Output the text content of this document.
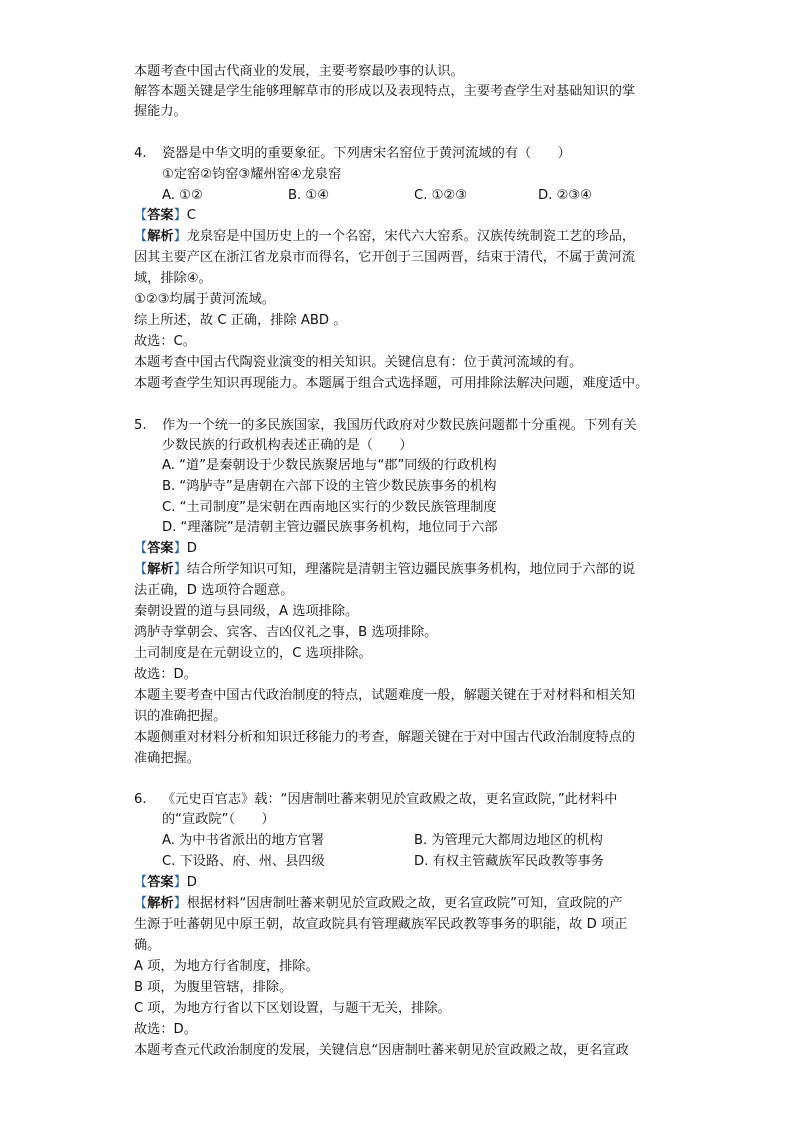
本题考查中国古代商业的发展，主要考察最吵事的认识。
解答本题关键是学生能够理解草市的形成以及表现特点，主要考查学生对基础知识的掌
握能力。
4. 瓷器是中华文明的重要象征。下列唐宋名窑位于黄河流域的有（　　）
①定窑②钧窑③耀州窑④龙泉窑
A. ①②	B. ①④	C. ①②③	D. ②③④
【答案】C
【解析】龙泉窑是中国历史上的一个名窑，宋代六大窑系。汉族传统制瓷工艺的珍品，
因其主要产区在浙江省龙泉市而得名，它开创于三国两晋，结束于清代，不属于黄河流
域，排除④。
①②③均属于黄河流域。
综上所述，故 C 正确，排除 ABD 。
故选：C。
本题考查中国古代陶瓷业演变的相关知识。关键信息有：位于黄河流域的有。
本题考查学生知识再现能力。本题属于组合式选择题，可用排除法解决问题，难度适中。
5. 作为一个统一的多民族国家，我国历代政府对少数民族问题都十分重视。下列有关
少数民族的行政机构表述正确的是（　　）
A. “道”是秦朝设于少数民族聚居地与“郡”同级的行政机构
B. “鸿胪寺”是唐朝在六部下设的主管少数民族事务的机构
C. “土司制度”是宋朝在西南地区实行的少数民族管理制度
D. “理藩院”是清朝主管边疆民族事务机构，地位同于六部
【答案】D
【解析】结合所学知识可知，理藩院是清朝主管边疆民族事务机构，地位同于六部的说
法正确，D 选项符合题意。
秦朝设置的道与县同级，A 选项排除。
鸿胪寺掌朝会、宾客、吉凶仪礼之事，B 选项排除。
土司制度是在元朝设立的，C 选项排除。
故选：D。
本题主要考查中国古代政治制度的特点，试题难度一般，解题关键在于对材料和相关知
识的准确把握。
本题侧重对材料分析和知识迁移能力的考查，解题关键在于对中国古代政治制度特点的
准确把握。
6. 《元史百官志》载：“因唐制吐蕃来朝见於宣政殿之故，更名宣政院，”此材料中
的“宣政院”（　　）
A. 为中书省派出的地方官署	B. 为管理元大都周边地区的机构
C. 下设路、府、州、县四级	D. 有权主管藏族军民政教等事务
【答案】D
【解析】根据材料“因唐制吐蕃来朝见於宣政殿之故，更名宣政院”可知，宣政院的产
生源于吐蕃朝见中原王朝，故宣政院具有管理藏族军民政教等事务的职能，故 D 项正
确。
A 项，为地方行省制度，排除。
B 项，为腹里管辖，排除。
C 项，为地方行省以下区划设置，与题干无关，排除。
故选：D。
本题考查元代政治制度的发展，关键信息“因唐制吐蕃来朝见於宣政殿之故，更名宣政
